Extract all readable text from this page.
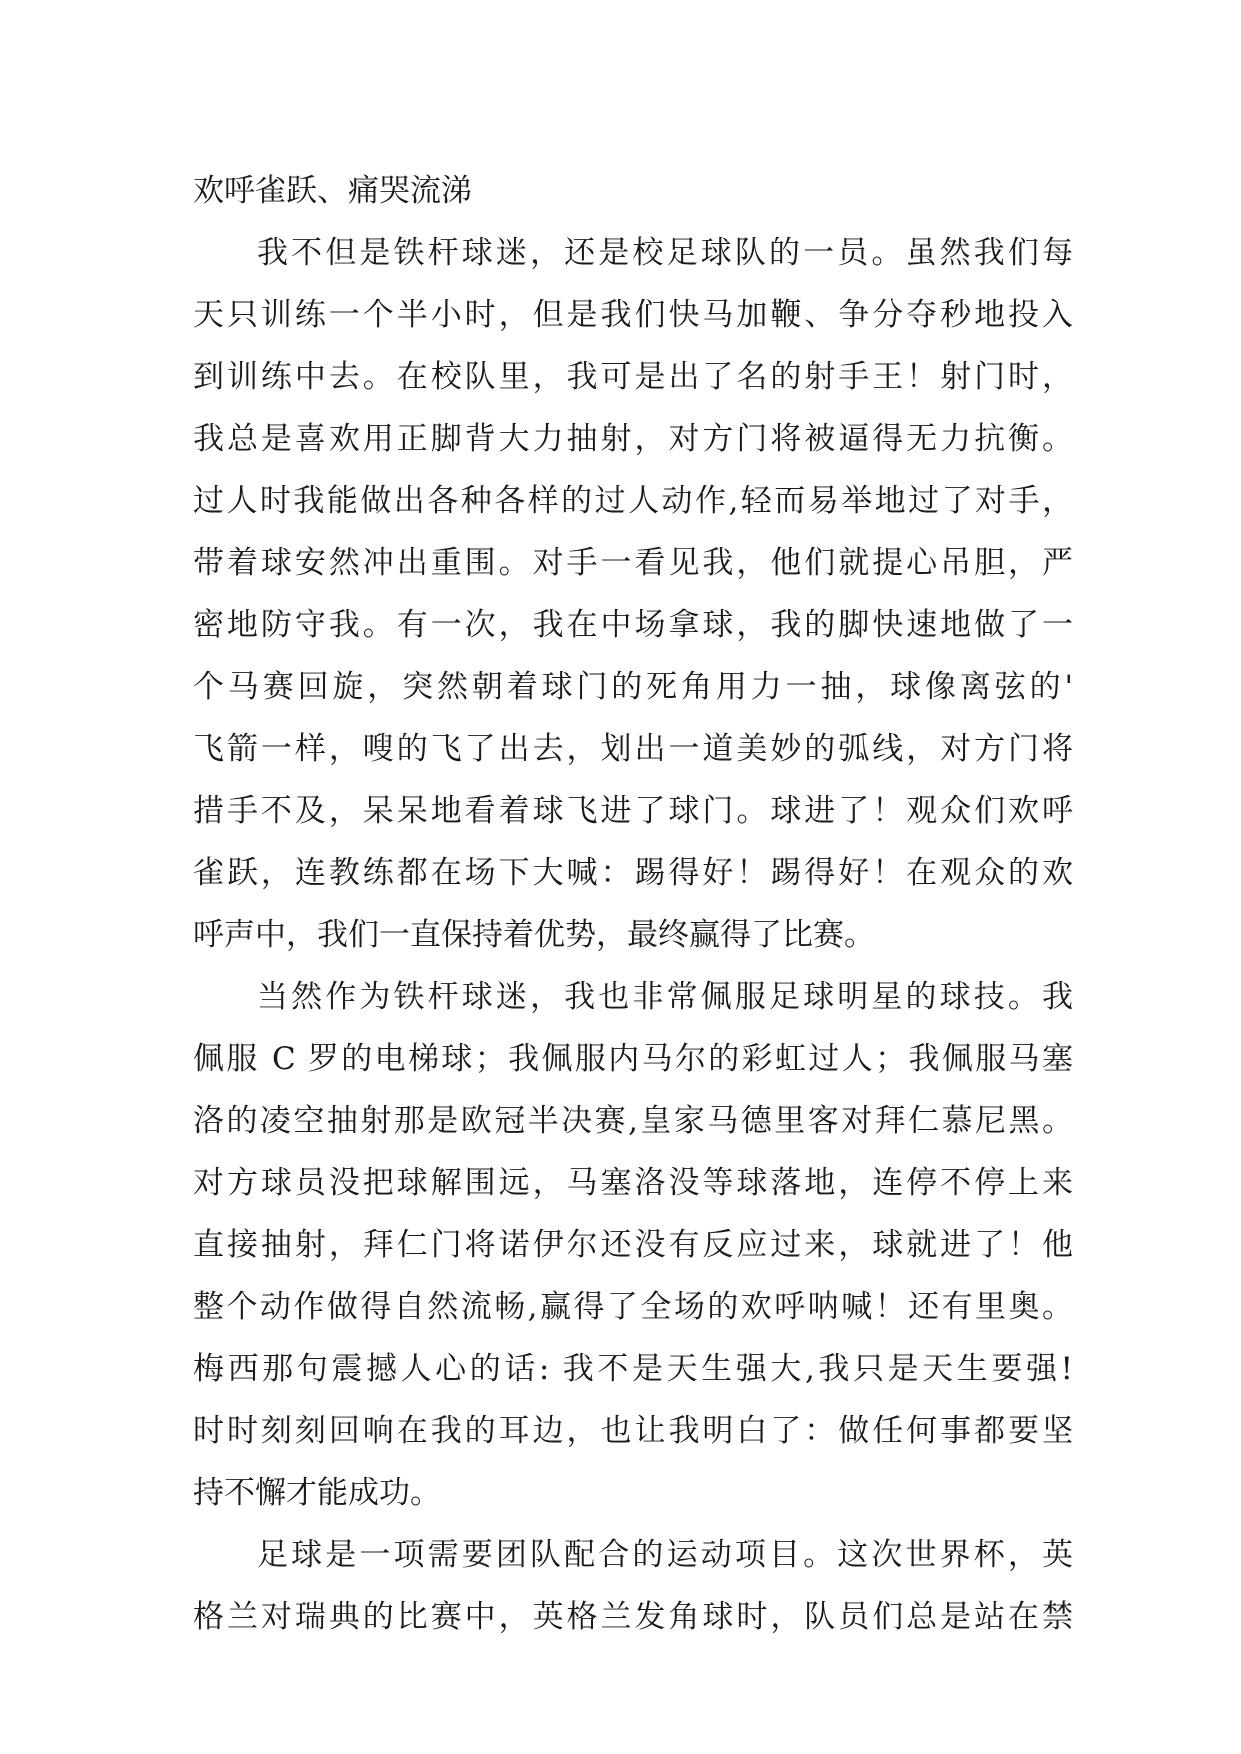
欢呼雀跃、痛哭流涕
我不但是铁杆球迷，还是校足球队的一员。虽然我们每
天只训练一个半小时，但是我们快马加鞭、争分夺秒地投入
到训练中去。在校队里，我可是出了名的射手王！射门时，
我总是喜欢用正脚背大力抽射，对方门将被逼得无力抗衡。
过人时我能做出各种各样的过人动作,轻而易举地过了对手，
带着球安然冲出重围。对手一看见我，他们就提心吊胆，严
密地防守我。有一次，我在中场拿球，我的脚快速地做了一
个马赛回旋，突然朝着球门的死角用力一抽，球像离弦的'
飞箭一样，嗖的飞了出去，划出一道美妙的弧线，对方门将
措手不及，呆呆地看着球飞进了球门。球进了！观众们欢呼
雀跃，连教练都在场下大喊：踢得好！踢得好！在观众的欢
呼声中，我们一直保持着优势，最终赢得了比赛。
当然作为铁杆球迷，我也非常佩服足球明星的球技。我
佩服 C 罗的电梯球；我佩服内马尔的彩虹过人；我佩服马塞
洛的凌空抽射那是欧冠半决赛,皇家马德里客对拜仁慕尼黑。
对方球员没把球解围远，马塞洛没等球落地，连停不停上来
直接抽射，拜仁门将诺伊尔还没有反应过来，球就进了！他
整个动作做得自然流畅,赢得了全场的欢呼呐喊！还有里奥。
梅西那句震撼人心的话: 我不是天生强大,我只是天生要强!
时时刻刻回响在我的耳边，也让我明白了：做任何事都要坚
持不懈才能成功。
足球是一项需要团队配合的运动项目。这次世界杯，英
格兰对瑞典的比赛中，英格兰发角球时，队员们总是站在禁
